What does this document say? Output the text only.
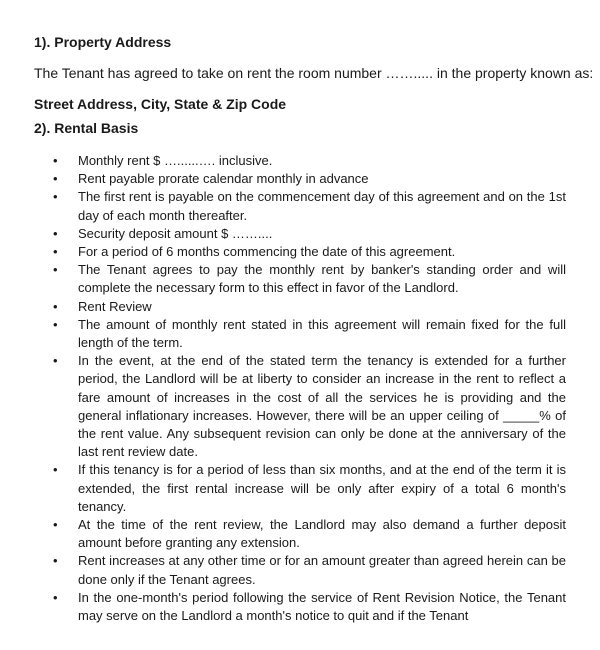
1). Property Address
The Tenant has agreed to take on rent the room number ……..... in the property known as:
Street Address, City, State & Zip Code
2). Rental Basis
• Monthly rent $ …......…. inclusive.
• Rent payable prorate calendar monthly in advance
• The first rent is payable on the commencement day of this agreement and on the 1st day of each month thereafter.
• Security deposit amount $ ……....
• For a period of 6 months commencing the date of this agreement.
• The Tenant agrees to pay the monthly rent by banker's standing order and will complete the necessary form to this effect in favor of the Landlord.
• Rent Review
• The amount of monthly rent stated in this agreement will remain fixed for the full length of the term.
• In the event, at the end of the stated term the tenancy is extended for a further period, the Landlord will be at liberty to consider an increase in the rent to reflect a fare amount of increases in the cost of all the services he is providing and the general inflationary increases. However, there will be an upper ceiling of _____% of the rent value. Any subsequent revision can only be done at the anniversary of the last rent review date.
• If this tenancy is for a period of less than six months, and at the end of the term it is extended, the first rental increase will be only after expiry of a total 6 month's tenancy.
• At the time of the rent review, the Landlord may also demand a further deposit amount before granting any extension.
• Rent increases at any other time or for an amount greater than agreed herein can be done only if the Tenant agrees.
• In the one-month's period following the service of Rent Revision Notice, the Tenant may serve on the Landlord a month's notice to quit and if the Tenant
